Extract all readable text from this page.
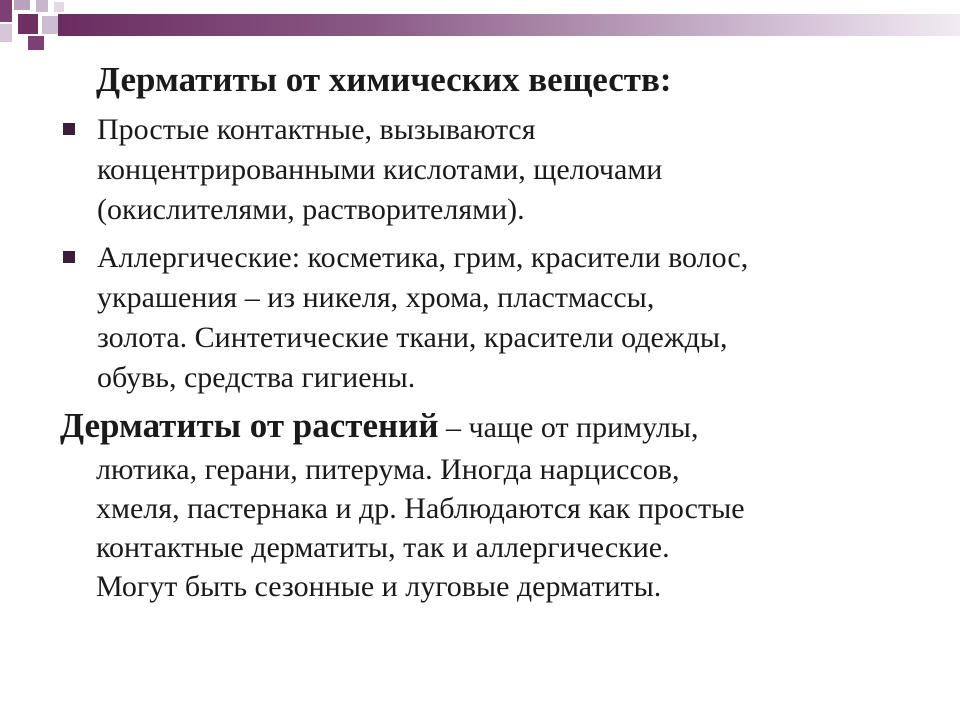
Дерматиты от химических веществ:
Простые контактные, вызываются
концентрированными кислотами, щелочами
(окислителями, растворителями).
Аллергические: косметика, грим, красители волос,
украшения – из никеля, хрома, пластмассы,
золота. Синтетические ткани, красители одежды,
обувь, средства гигиены.
Дерматиты от растений – чаще от примулы,
лютика, герани, питерума. Иногда нарциссов,
хмеля, пастернака и др. Наблюдаются как простые
контактные дерматиты, так и аллергические.
Могут быть сезонные и луговые дерматиты.
